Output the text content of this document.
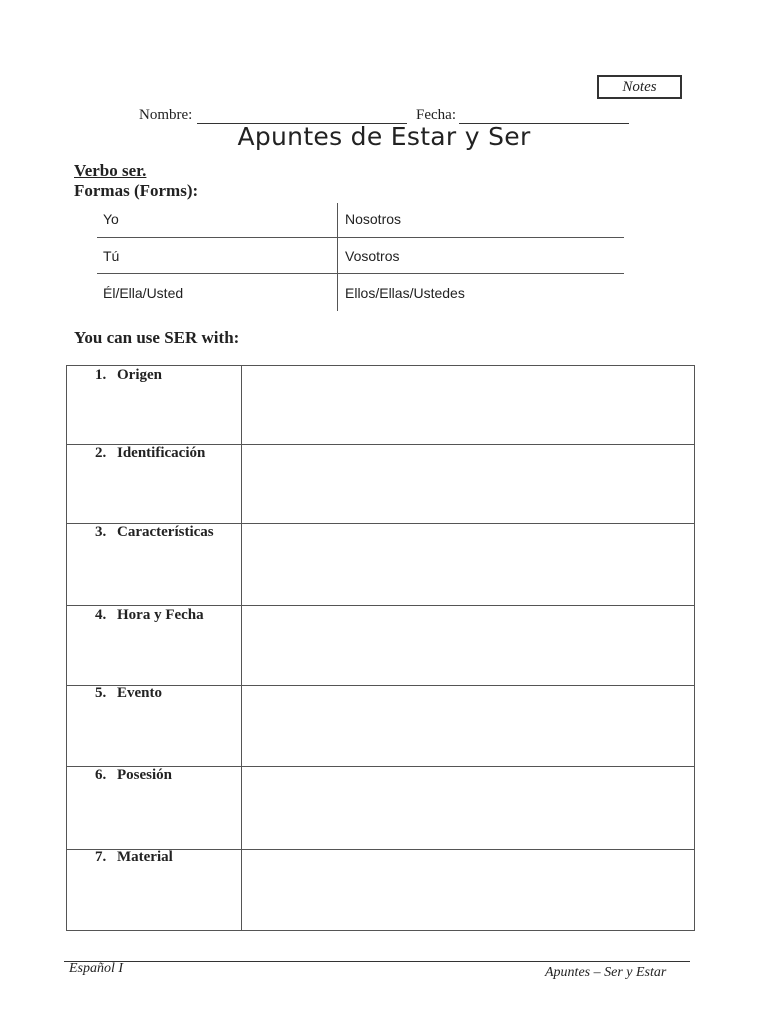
Notes
Nombre:	Fecha:
Apuntes de Estar y Ser
Verbo ser.
Formas (Forms):
Yo	Nosotros
Tú	Vosotros
Él/Ella/Usted	Ellos/Ellas/Ustedes
You can use SER with:
1. Origen
2. Identificación
3. Características
4. Hora y Fecha
5. Evento
6. Posesión
7. Material
Español I	Apuntes – Ser y Estar
